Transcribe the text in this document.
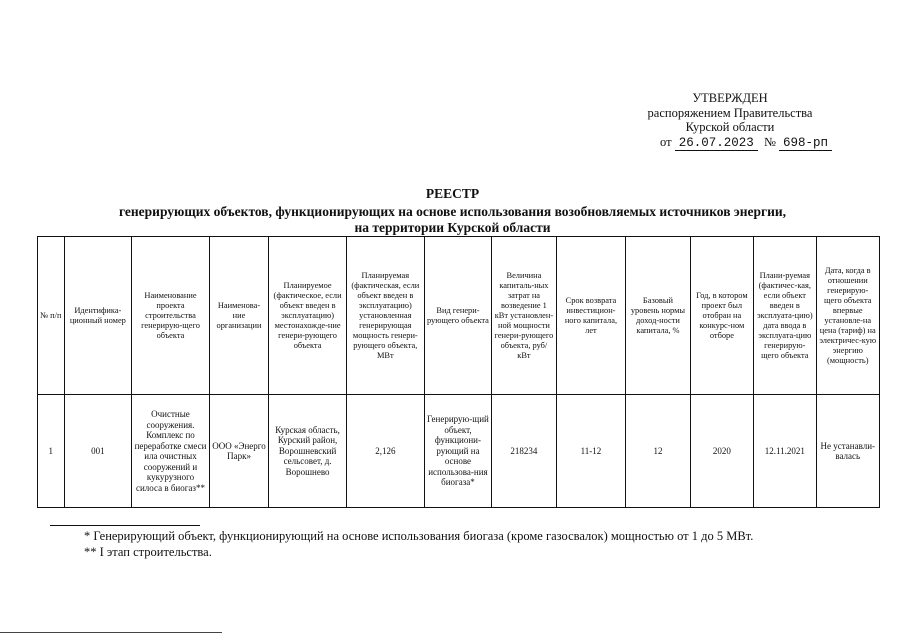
УТВЕРЖДЕН
распоряжением Правительства
Курской области
от 26.07.2023 № 698-рп
РЕЕСТР
генерирующих объектов, функционирующих на основе использования возобновляемых источников энергии,
на территории Курской области
№ п/п	Идентифика-ционный номер	Наименование проекта строительства генерирую-щего объекта	Наименова-ние организации	Планируемое (фактическое, если объект введен в эксплуатацию) местонахожде-ние генери-рующего объекта	Планируемая (фактическая, если объект введен в эксплуатацию) установленная генерирующая мощность генери-рующего объекта, МВт	Вид генери-рующего объекта	Величина капиталь-ных затрат на возведение 1 кВт установлен-ной мощности генери-рующего объекта, руб/кВт	Срок возврата инвестицион-ного капитала, лет	Базовый уровень нормы доход-ности капитала, %	Год, в котором проект был отобран на конкурс-ном отборе	Плани-руемая (фактичес-кая, если объект введен в эксплуата-цию) дата ввода в эксплуата-цию генерирую-щего объекта	Дата, когда в отношении генерирую-щего объекта впервые установле-на цена (тариф) на электричес-кую энергию (мощность)
1	001	Очистные сооружения. Комплекс по переработке смеси ила очистных сооружений и кукурузного силоса в биогаз**	ООО «Энерго Парк»	Курская область, Курский район, Ворошневский сельсовет, д. Ворошнево	2,126	Генерирую-щий объект, функциони-рующий на основе использова-ния биогаза*	218234	11-12	12	2020	12.11.2021	Не устанавли-валась
* Генерирующий объект, функционирующий на основе использования биогаза (кроме газосвалок) мощностью от 1 до 5 МВт.
** I этап строительства.
